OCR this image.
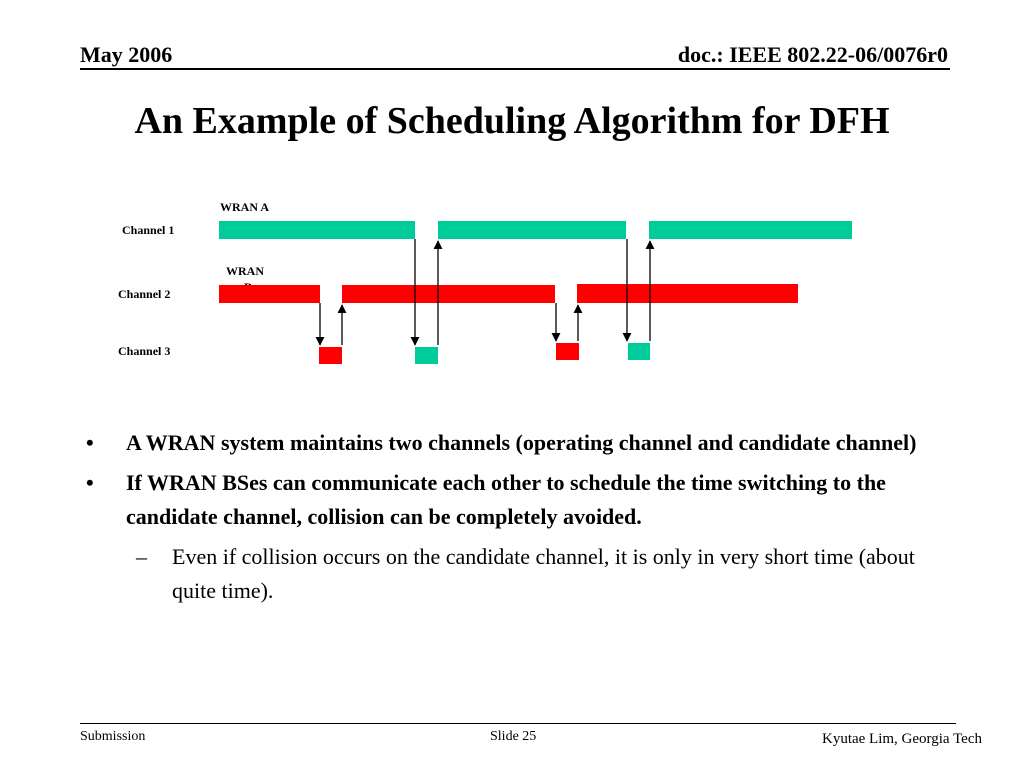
May 2006	doc.: IEEE 802.22-06/0076r0
An Example of Scheduling Algorithm for DFH
WRAN A
WRAN
Channel 1
Channel 2
Channel 3
• A WRAN system maintains two channels (operating channel and candidate channel)
• If WRAN BSes can communicate each other to schedule the time switching to the candidate channel, collision can be completely avoided.
– Even if collision occurs on the candidate channel, it is only in very short time (about quite time).
Submission	Slide 25	Kyutae Lim, Georgia Tech
